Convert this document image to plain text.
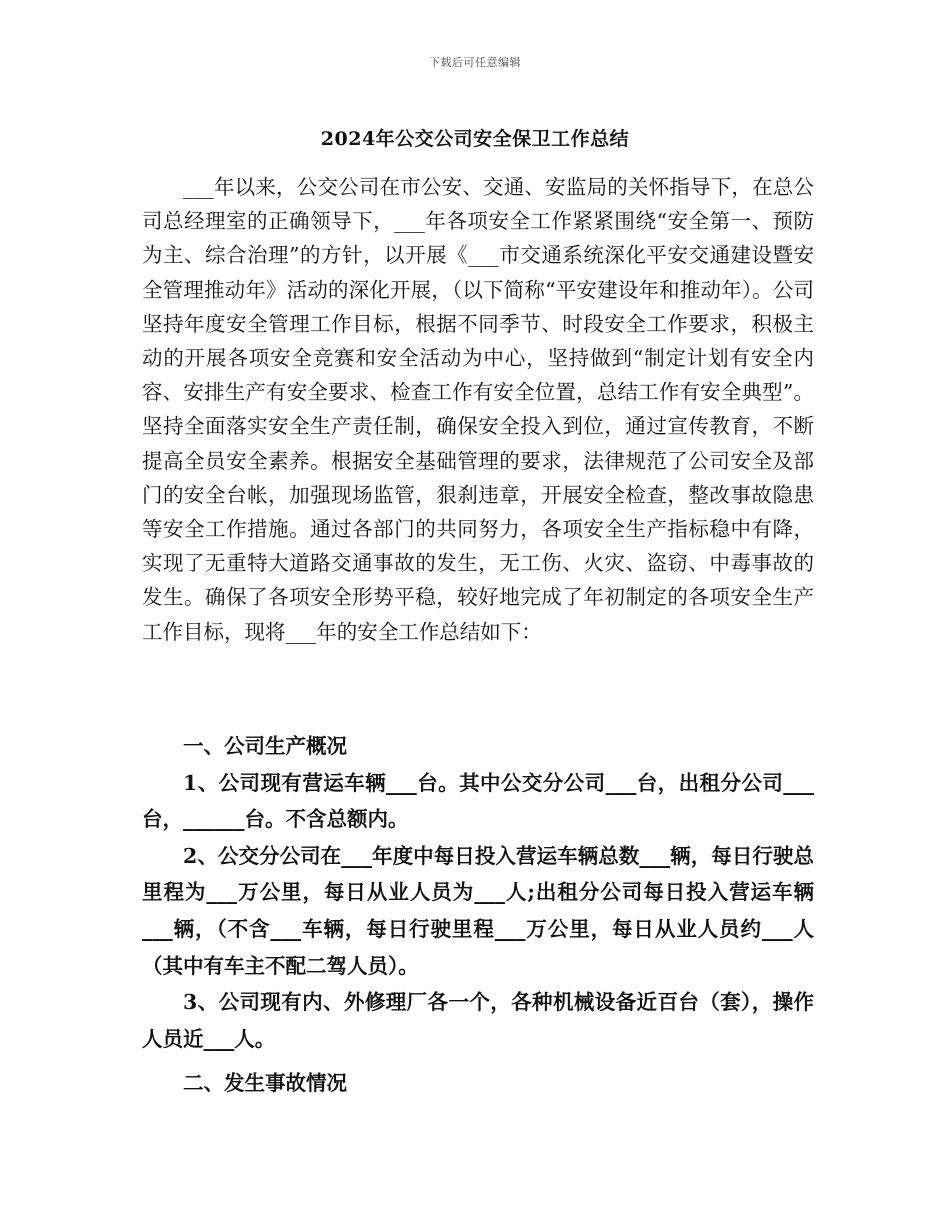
下载后可任意编辑
2024年公交公司安全保卫工作总结

___年以来，公交公司在市公安、交通、安监局的关怀指导下，在总公司总经理室的正确领导下，___年各项安全工作紧紧围绕“安全第一、预防为主、综合治理”的方针，以开展《___市交通系统深化平安交通建设暨安全管理推动年》活动的深化开展，（以下简称“平安建设年和推动年）。公司坚持年度安全管理工作目标，根据不同季节、时段安全工作要求，积极主动的开展各项安全竞赛和安全活动为中心，坚持做到“制定计划有安全内容、安排生产有安全要求、检查工作有安全位置，总结工作有安全典型”。坚持全面落实安全生产责任制，确保安全投入到位，通过宣传教育，不断提高全员安全素养。根据安全基础管理的要求，法律规范了公司安全及部门的安全台帐，加强现场监管，狠刹违章，开展安全检查，整改事故隐患等安全工作措施。通过各部门的共同努力，各项安全生产指标稳中有降，实现了无重特大道路交通事故的发生，无工伤、火灾、盗窃、中毒事故的发生。确保了各项安全形势平稳，较好地完成了年初制定的各项安全生产工作目标，现将___年的安全工作总结如下：

一、公司生产概况

1、公司现有营运车辆___台。其中公交分公司___台，出租分公司___台，______台。不含总额内。

2、公交分公司在___年度中每日投入营运车辆总数___辆，每日行驶总里程为___万公里，每日从业人员为___人;出租分公司每日投入营运车辆___辆，（不含___车辆，每日行驶里程___万公里，每日从业人员约___人（其中有车主不配二驾人员）。

3、公司现有内、外修理厂各一个，各种机械设备近百台（套），操作人员近___人。

二、发生事故情况
